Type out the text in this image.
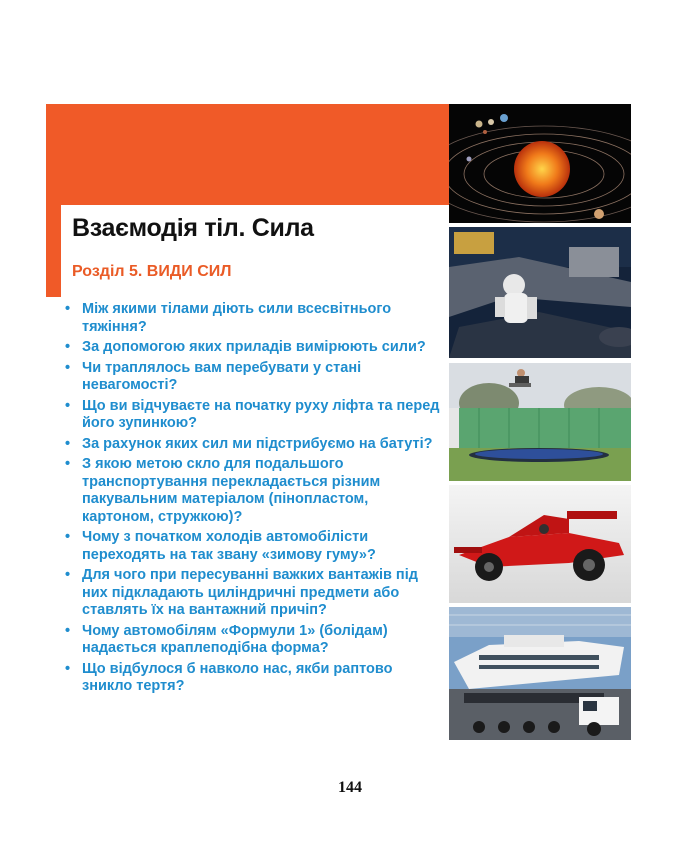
Взаємодія тіл. Сила
Розділ 5. ВИДИ СИЛ
• Між якими тілами діють сили всесвітнього тяжіння?
• За допомогою яких приладів вимірюють сили?
• Чи траплялось вам перебувати у стані невагомості?
• Що ви відчуваєте на початку руху ліфта та перед його зупинкою?
• За рахунок яких сил ми підстрибуємо на батуті?
• З якою метою скло для подальшого транспортування перекладається різним пакувальним матеріалом (пінопластом, картоном, стружкою)?
• Чому з початком холодів автомобілісти переходять на так звану «зимову гуму»?
• Для чого при пересуванні важких вантажів під них підкладають циліндричні предмети або ставлять їх на вантажний причіп?
• Чому автомобілям «Формули 1» (болідам) надається краплеподібна форма?
• Що відбулося б навколо нас, якби раптово зникло тертя?
144
